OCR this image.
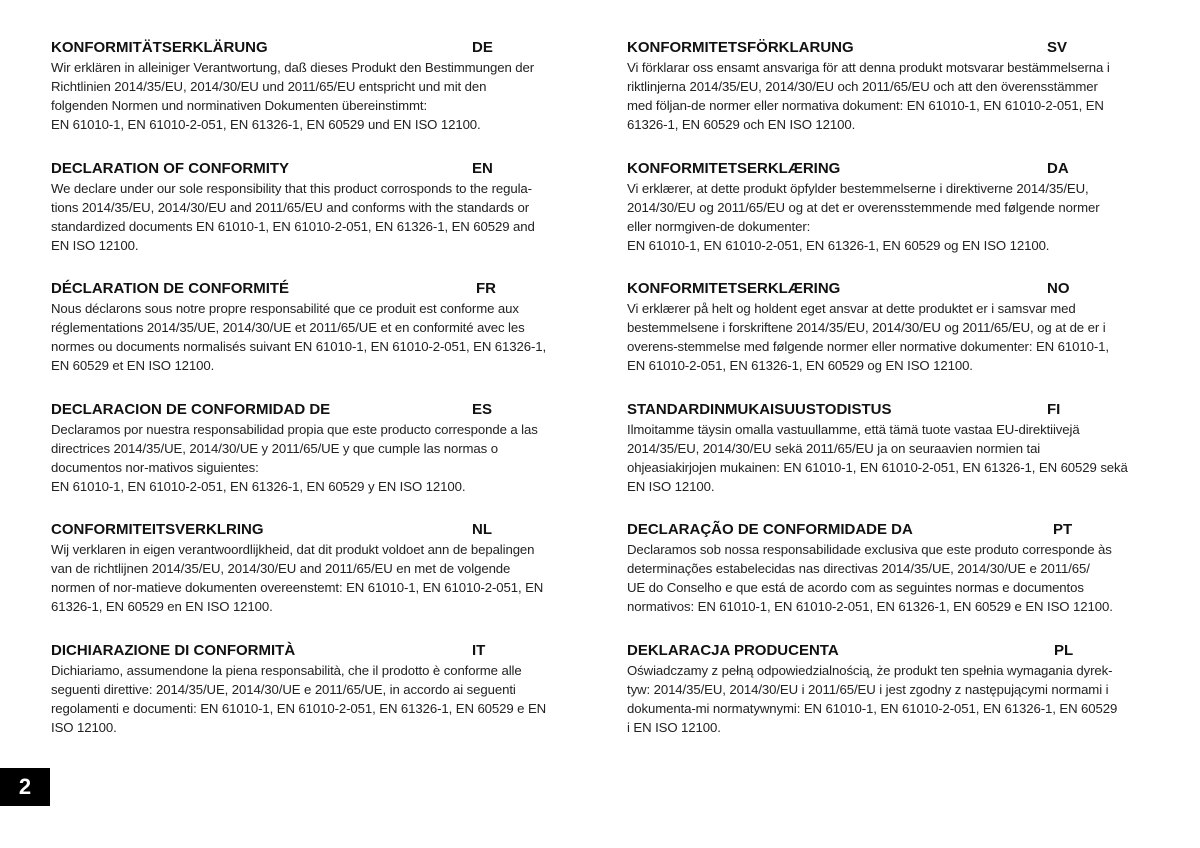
KONFORMITÄTSERKLÄRUNG	DE
Wir erklären in alleiniger Verantwortung, daß dieses Produkt den Bestimmungen der
Richtlinien 2014/35/EU, 2014/30/EU und 2011/65/EU entspricht und mit den
folgenden Normen und norminativen Dokumenten übereinstimmt:
EN 61010-1, EN 61010-2-051, EN 61326-1, EN 60529 und EN ISO 12100.
DECLARATION OF CONFORMITY	EN
We declare under our sole responsibility that this product corrosponds to the regula-
tions 2014/35/EU, 2014/30/EU and 2011/65/EU and conforms with the standards or
standardized documents EN 61010-1, EN 61010-2-051, EN 61326-1, EN 60529 and
EN ISO 12100.
DÉCLARATION DE CONFORMITÉ	FR
Nous déclarons sous notre propre responsabilité que ce produit est conforme aux
réglementations 2014/35/UE, 2014/30/UE et 2011/65/UE et en conformité avec les
normes ou documents normalisés suivant EN 61010-1, EN 61010-2-051, EN 61326-1,
EN 60529 et EN ISO 12100.
DECLARACION DE CONFORMIDAD DE	ES
Declaramos por nuestra responsabilidad propia que este producto corresponde a las
directrices 2014/35/UE, 2014/30/UE y 2011/65/UE y que cumple las normas o
documentos nor-mativos siguientes:
EN 61010-1, EN 61010-2-051, EN 61326-1, EN 60529 y EN ISO 12100.
CONFORMITEITSVERKLRING	NL
Wij verklaren in eigen verantwoordlijkheid, dat dit produkt voldoet ann de bepalingen
van de richtlijnen 2014/35/EU, 2014/30/EU and 2011/65/EU en met de volgende
normen of nor-matieve dokumenten overeenstemt: EN 61010-1, EN 61010-2-051, EN
61326-1, EN 60529 en EN ISO 12100.
DICHIARAZIONE DI CONFORMITÀ	IT
Dichiariamo, assumendone la piena responsabilità, che il prodotto è conforme alle
seguenti direttive: 2014/35/UE, 2014/30/UE e 2011/65/UE, in accordo ai seguenti
regolamenti e documenti: EN 61010-1, EN 61010-2-051, EN 61326-1, EN 60529 e EN
ISO 12100.
KONFORMITETSFÖRKLARUNG	SV
Vi förklarar oss ensamt ansvariga för att denna produkt motsvarar bestämmelserna i
riktlinjerna 2014/35/EU, 2014/30/EU och 2011/65/EU och att den överensstämmer
med följan-de normer eller normativa dokument: EN 61010-1, EN 61010-2-051, EN
61326-1, EN 60529 och EN ISO 12100.
KONFORMITETSERKLÆRING	DA
Vi erklærer, at dette produkt öpfylder bestemmelserne i direktiverne 2014/35/EU,
2014/30/EU og 2011/65/EU og at det er overensstemmende med følgende normer
eller normgiven-de dokumenter:
EN 61010-1, EN 61010-2-051, EN 61326-1, EN 60529 og EN ISO 12100.
KONFORMITETSERKLÆRING	NO
Vi erklærer på helt og holdent eget ansvar at dette produktet er i samsvar med
bestemmelsene i forskriftene 2014/35/EU, 2014/30/EU og 2011/65/EU, og at de er i
overens-stemmelse med følgende normer eller normative dokumenter: EN 61010-1,
EN 61010-2-051, EN 61326-1, EN 60529 og EN ISO 12100.
STANDARDINMUKAISUUSTODISTUS	FI
Ilmoitamme täysin omalla vastuullamme, että tämä tuote vastaa EU-direktiivejä
2014/35/EU, 2014/30/EU sekä 2011/65/EU ja on seuraavien normien tai
ohjeasiakirjojen mukainen: EN 61010-1, EN 61010-2-051, EN 61326-1, EN 60529 sekä
EN ISO 12100.
DECLARAÇÃO DE CONFORMIDADE DA	PT
Declaramos sob nossa responsabilidade exclusiva que este produto corresponde às
determinações estabelecidas nas directivas 2014/35/UE, 2014/30/UE e 2011/65/
UE do Conselho e que está de acordo com as seguintes normas e documentos
normativos: EN 61010-1, EN 61010-2-051, EN 61326-1, EN 60529 e EN ISO 12100.
DEKLARACJA PRODUCENTA	PL
Oświadczamy z pełną odpowiedzialnością, że produkt ten spełnia wymagania dyrek-
tyw: 2014/35/EU, 2014/30/EU i 2011/65/EU i jest zgodny z następującymi normami i
dokumenta-mi normatywnymi: EN 61010-1, EN 61010-2-051, EN 61326-1, EN 60529
i EN ISO 12100.
2
